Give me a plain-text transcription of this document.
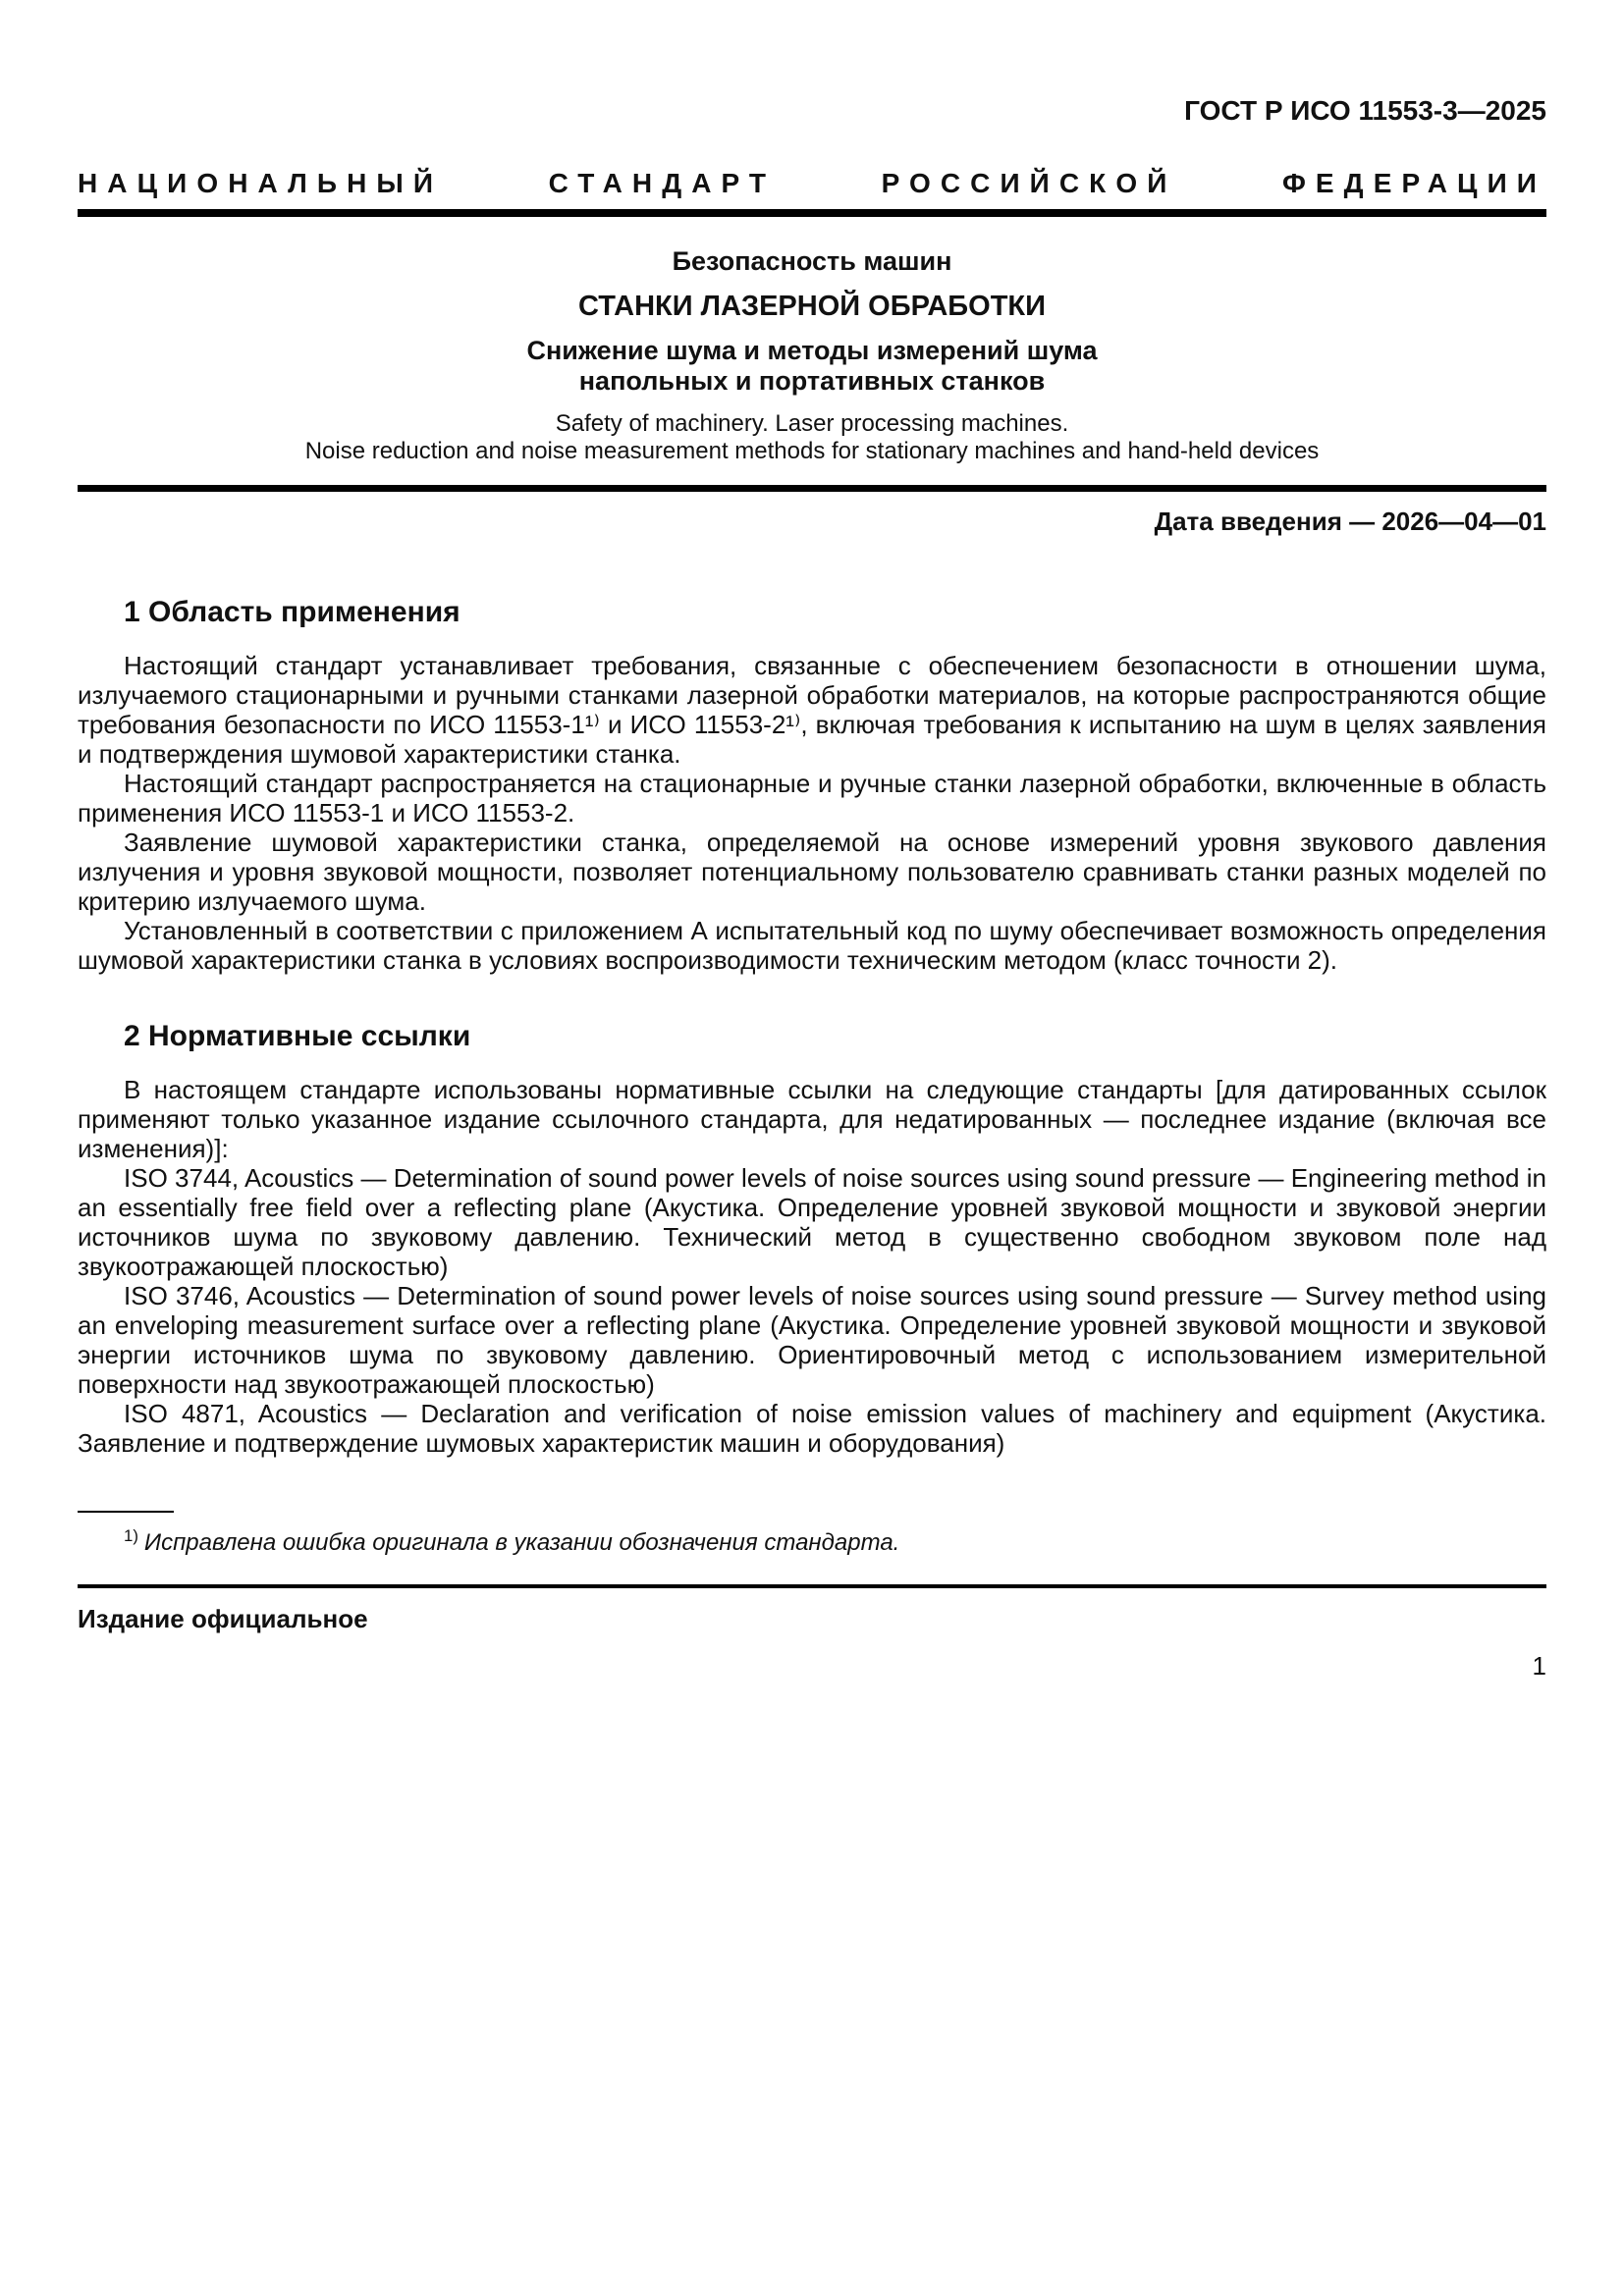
ГОСТ Р ИСО 11553-3—2025
НАЦИОНАЛЬНЫЙ СТАНДАРТ РОССИЙСКОЙ ФЕДЕРАЦИИ
Безопасность машин
СТАНКИ ЛАЗЕРНОЙ ОБРАБОТКИ
Снижение шума и методы измерений шума
напольных и портативных станков
Safety of machinery. Laser processing machines.
Noise reduction and noise measurement methods for stationary machines and hand-held devices
Дата введения — 2026—04—01
1 Область применения

Настоящий стандарт устанавливает требования, связанные с обеспечением безопасности в отношении шума, излучаемого стационарными и ручными станками лазерной обработки материалов, на которые распространяются общие требования безопасности по ИСО 11553-1¹⁾ и ИСО 11553-2¹⁾, включая требования к испытанию на шум в целях заявления и подтверждения шумовой характеристики станка.

Настоящий стандарт распространяется на стационарные и ручные станки лазерной обработки, включенные в область применения ИСО 11553-1 и ИСО 11553-2.

Заявление шумовой характеристики станка, определяемой на основе измерений уровня звукового давления излучения и уровня звуковой мощности, позволяет потенциальному пользователю сравнивать станки разных моделей по критерию излучаемого шума.

Установленный в соответствии с приложением А испытательный код по шуму обеспечивает возможность определения шумовой характеристики станка в условиях воспроизводимости техническим методом (класс точности 2).

2 Нормативные ссылки

В настоящем стандарте использованы нормативные ссылки на следующие стандарты [для датированных ссылок применяют только указанное издание ссылочного стандарта, для недатированных — последнее издание (включая все изменения)]:

ISO 3744, Acoustics — Determination of sound power levels of noise sources using sound pressure — Engineering method in an essentially free field over a reflecting plane (Акустика. Определение уровней звуковой мощности и звуковой энергии источников шума по звуковому давлению. Технический метод в существенно свободном звуковом поле над звукоотражающей плоскостью)

ISO 3746, Acoustics — Determination of sound power levels of noise sources using sound pressure — Survey method using an enveloping measurement surface over a reflecting plane (Акустика. Определение уровней звуковой мощности и звуковой энергии источников шума по звуковому давлению. Ориентировочный метод с использованием измерительной поверхности над звукоотражающей плоскостью)

ISO 4871, Acoustics — Declaration and verification of noise emission values of machinery and equipment (Акустика. Заявление и подтверждение шумовых характеристик машин и оборудования)

$^{1)}$ Исправлена ошибка оригинала в указании обозначения стандарта.
Издание официальное
1
